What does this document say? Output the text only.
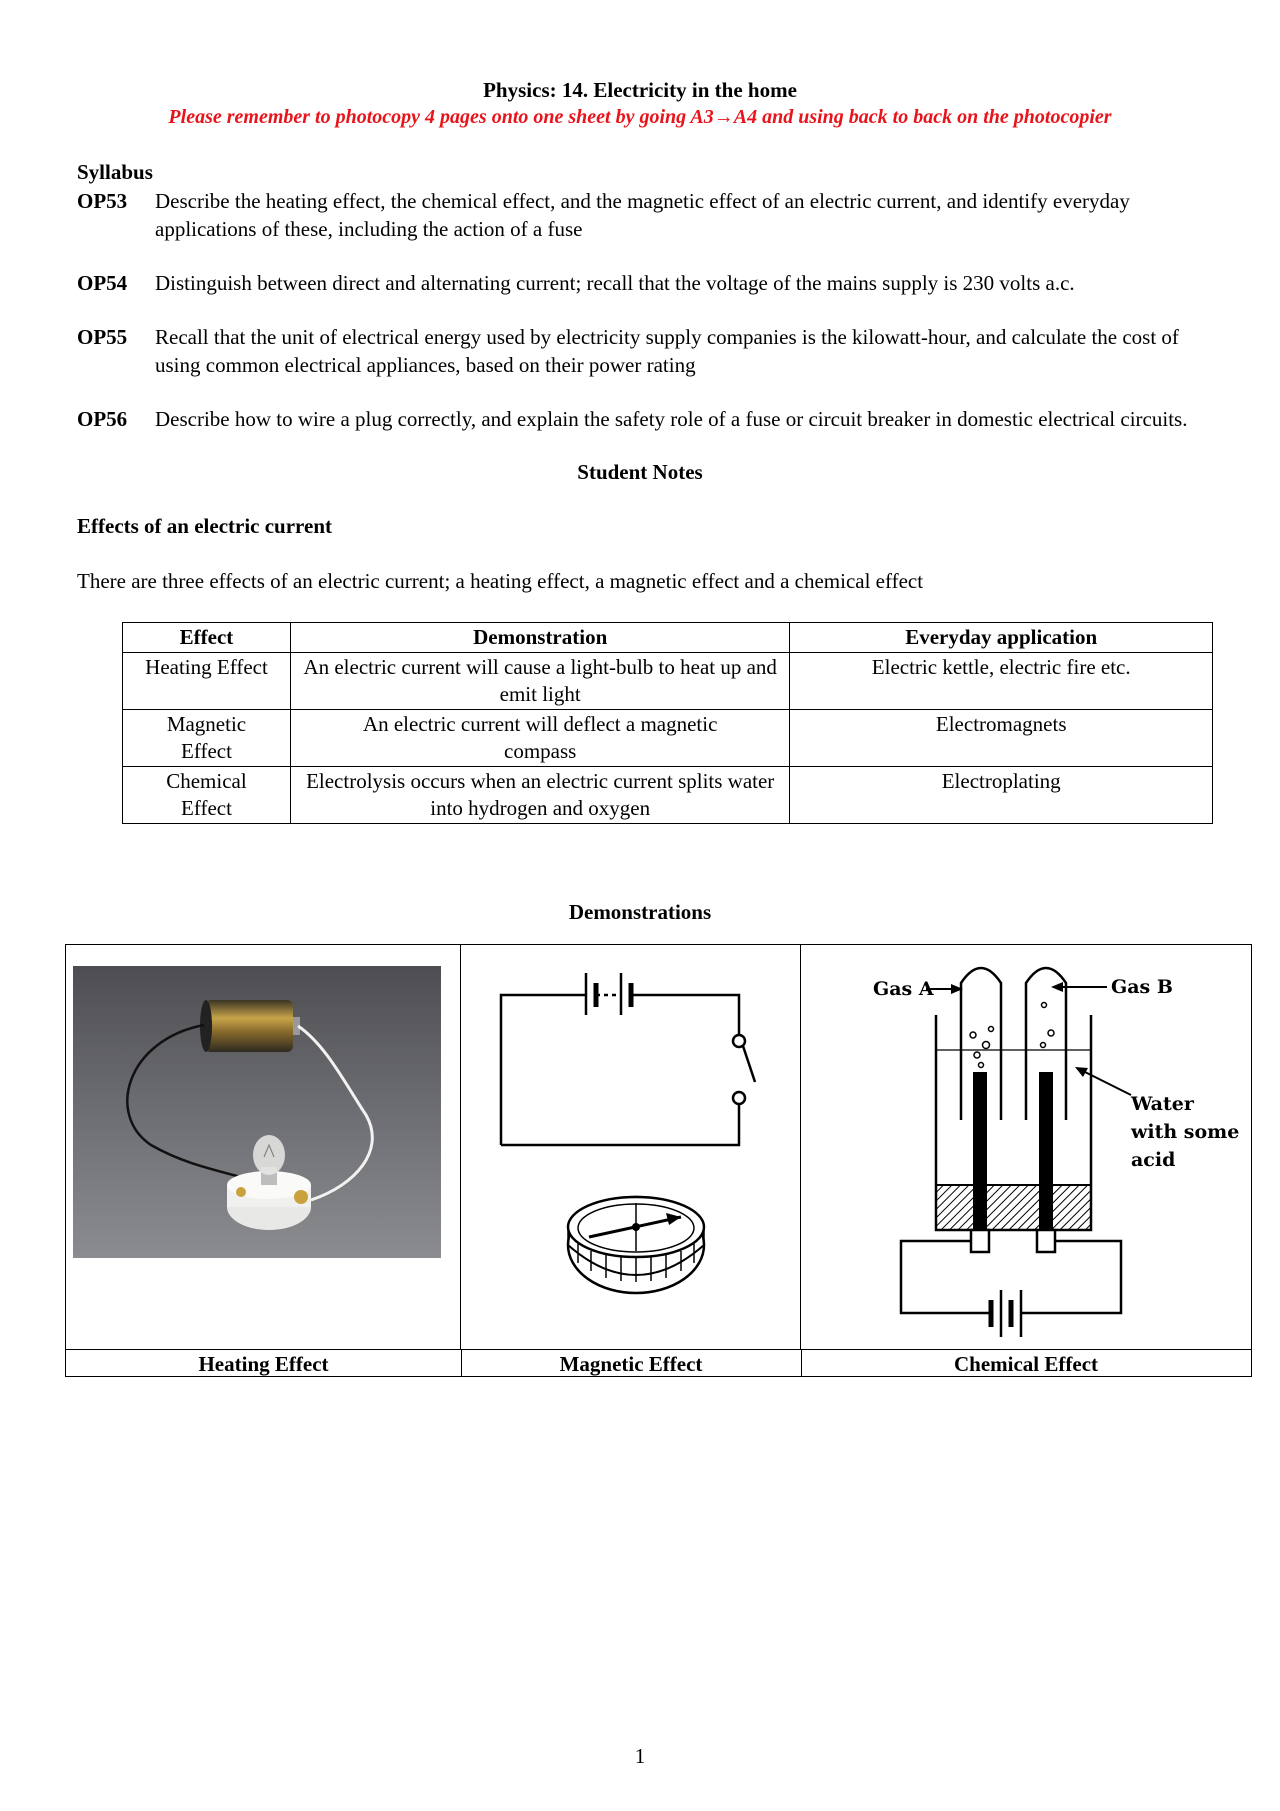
Physics: 14. Electricity in the home
Please remember to photocopy 4 pages onto one sheet by going A3→A4 and using back to back on the photocopier
Syllabus
OP53 Describe the heating effect, the chemical effect, and the magnetic effect of an electric current, and identify everyday applications of these, including the action of a fuse
OP54 Distinguish between direct and alternating current; recall that the voltage of the mains supply is 230 volts a.c.
OP55 Recall that the unit of electrical energy used by electricity supply companies is the kilowatt-hour, and calculate the cost of using common electrical appliances, based on their power rating
OP56 Describe how to wire a plug correctly, and explain the safety role of a fuse or circuit breaker in domestic electrical circuits.
Student Notes
Effects of an electric current
There are three effects of an electric current; a heating effect, a magnetic effect and a chemical effect
Effect	Demonstration	Everyday application
Heating Effect	An electric current will cause a light-bulb to heat up and emit light	Electric kettle, electric fire etc.
Magnetic Effect	An electric current will deflect a magnetic compass	Electromagnets
Chemical Effect	Electrolysis occurs when an electric current splits water into hydrogen and oxygen	Electroplating
Demonstrations
Gas A	Gas B
Water
with some
acid
Heating Effect	Magnetic Effect	Chemical Effect
1
